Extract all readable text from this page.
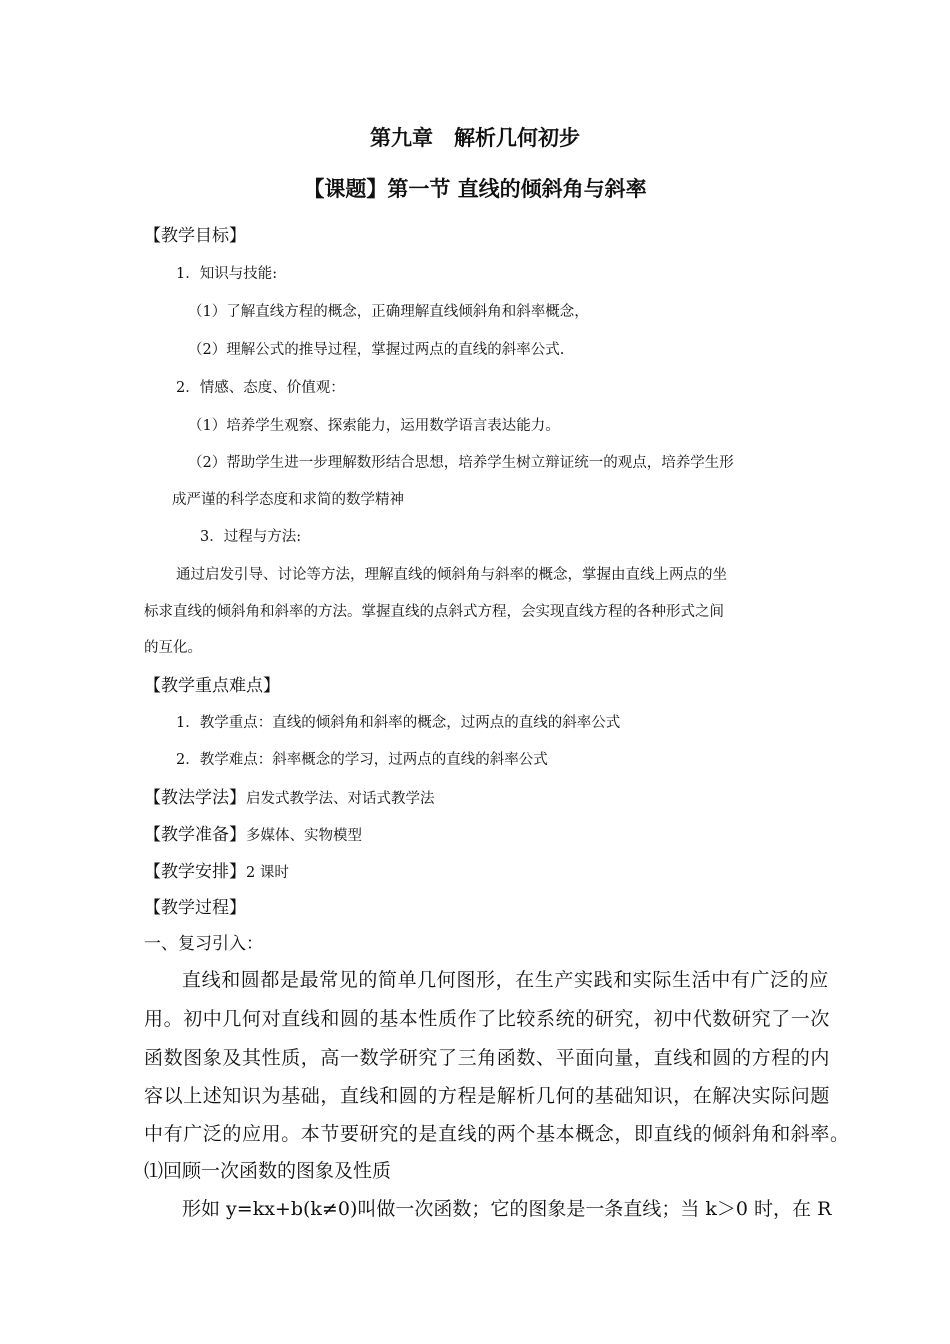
第九章　解析几何初步
【课题】第一节 直线的倾斜角与斜率
【教学目标】
1．知识与技能:
（1）了解直线方程的概念，正确理解直线倾斜角和斜率概念，
（2）理解公式的推导过程，掌握过两点的直线的斜率公式.
2．情感、态度、价值观：
（1）培养学生观察、探索能力，运用数学语言表达能力。
（2）帮助学生进一步理解数形结合思想，培养学生树立辩证统一的观点，培养学生形
成严谨的科学态度和求简的数学精神
3．过程与方法:
通过启发引导、讨论等方法，理解直线的倾斜角与斜率的概念，掌握由直线上两点的坐
标求直线的倾斜角和斜率的方法。掌握直线的点斜式方程，会实现直线方程的各种形式之间
的互化。
【教学重点难点】
1．教学重点：直线的倾斜角和斜率的概念，过两点的直线的斜率公式
2．教学难点：斜率概念的学习，过两点的直线的斜率公式
【教法学法】启发式教学法、对话式教学法
【教学准备】多媒体、实物模型
【教学安排】2 课时
【教学过程】
一、复习引入：
直线和圆都是最常见的简单几何图形，在生产实践和实际生活中有广泛的应
用。初中几何对直线和圆的基本性质作了比较系统的研究，初中代数研究了一次
函数图象及其性质，高一数学研究了三角函数、平面向量，直线和圆的方程的内
容以上述知识为基础，直线和圆的方程是解析几何的基础知识，在解决实际问题
中有广泛的应用。本节要研究的是直线的两个基本概念，即直线的倾斜角和斜率。
⑴回顾一次函数的图象及性质
形如 y=kx+b(k≠0)叫做一次函数；它的图象是一条直线；当 k＞0 时，在 R
